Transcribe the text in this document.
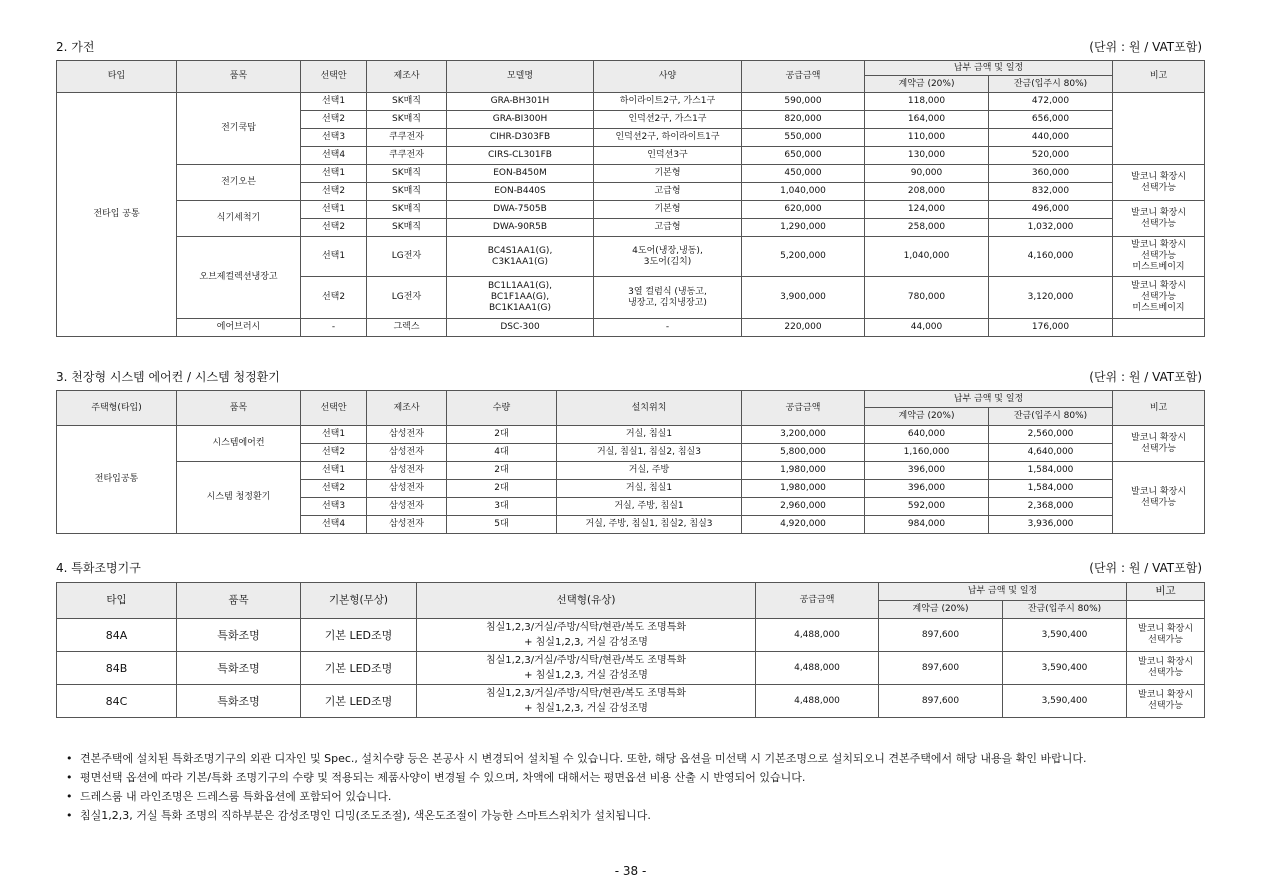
2. 가전	(단위 : 원 / VAT포함)
타입	품목	선택안	제조사	모델명	사양	공급금액	납부 금액 및 일정		비고
							계약금 (20%)	잔금(입주시 80%)	
전타입 공통	전기쿡탑	선택1	SK매직	GRA-BH301H	하이라이트2구, 가스1구	590,000	118,000	472,000	
		선택2	SK매직	GRA-BI300H	인덕션2구, 가스1구	820,000	164,000	656,000	
		선택3	쿠쿠전자	CIHR-D303FB	인덕션2구, 하이라이트1구	550,000	110,000	440,000	
		선택4	쿠쿠전자	CIRS-CL301FB	인덕션3구	650,000	130,000	520,000	
	전기오븐	선택1	SK매직	EON-B450M	기본형	450,000	90,000	360,000	발코니 확장시
선택가능
		선택2	SK매직	EON-B440S	고급형	1,040,000	208,000	832,000	
	식기세척기	선택1	SK매직	DWA-7505B	기본형	620,000	124,000	496,000	발코니 확장시
선택가능
		선택2	SK매직	DWA-90R5B	고급형	1,290,000	258,000	1,032,000	
	오브제컬렉션냉장고	선택1	LG전자	BC4S1AA1(G),
C3K1AA1(G)	4도어(냉장,냉동),
3도어(김치)	5,200,000	1,040,000	4,160,000	발코니 확장시
선택가능
미스트베이지
		선택2	LG전자	BC1L1AA1(G),
BC1F1AA(G),
BC1K1AA1(G)	3열 컬럼식 (냉동고,
냉장고, 김치냉장고)	3,900,000	780,000	3,120,000	발코니 확장시
선택가능
미스트베이지
	에어브러시	-	그렉스	DSC-300	-	220,000	44,000	176,000	
3. 천장형 시스템 에어컨 / 시스템 청정환기	(단위 : 원 / VAT포함)
주택형(타입)	품목	선택안	제조사	수량	설치위치	공급금액	납부 금액 및 일정		비고
							계약금 (20%)	잔금(입주시 80%)	
전타입공통	시스템에어컨	선택1	삼성전자	2대	거실, 침실1	3,200,000	640,000	2,560,000	발코니 확장시
선택가능
		선택2	삼성전자	4대	거실, 침실1, 침실2, 침실3	5,800,000	1,160,000	4,640,000	
	시스템 청정환기	선택1	삼성전자	2대	거실, 주방	1,980,000	396,000	1,584,000	발코니 확장시
선택가능
		선택2	삼성전자	2대	거실, 침실1	1,980,000	396,000	1,584,000	
		선택3	삼성전자	3대	거실, 주방, 침실1	2,960,000	592,000	2,368,000	
		선택4	삼성전자	5대	거실, 주방, 침실1, 침실2, 침실3	4,920,000	984,000	3,936,000	
4. 특화조명기구	(단위 : 원 / VAT포함)
타입	품목	기본형(무상)	선택형(유상)	공급금액	납부 금액 및 일정		비고
					계약금 (20%)	잔금(입주시 80%)	
84A	특화조명	기본 LED조명	침실1,2,3/거실/주방/식탁/현관/복도 조명특화
+ 침실1,2,3, 거실 감성조명	4,488,000	897,600	3,590,400	발코니 확장시
선택가능
84B	특화조명	기본 LED조명	침실1,2,3/거실/주방/식탁/현관/복도 조명특화
+ 침실1,2,3, 거실 감성조명	4,488,000	897,600	3,590,400	발코니 확장시
선택가능
84C	특화조명	기본 LED조명	침실1,2,3/거실/주방/식탁/현관/복도 조명특화
+ 침실1,2,3, 거실 감성조명	4,488,000	897,600	3,590,400	발코니 확장시
선택가능
• 견본주택에 설치된 특화조명기구의 외관 디자인 및 Spec., 설치수량 등은 본공사 시 변경되어 설치될 수 있습니다. 또한, 해당 옵션을 미선택 시 기본조명으로 설치되오니 견본주택에서 해당 내용을 확인 바랍니다.
• 평면선택 옵션에 따라 기본/특화 조명기구의 수량 및 적용되는 제품사양이 변경될 수 있으며, 차액에 대해서는 평면옵션 비용 산출 시 반영되어 있습니다.
• 드레스룸 내 라인조명은 드레스룸 특화옵션에 포함되어 있습니다.
• 침실1,2,3, 거실 특화 조명의 직하부분은 감성조명인 디밍(조도조절), 색온도조절이 가능한 스마트스위치가 설치됩니다.
- 38 -
